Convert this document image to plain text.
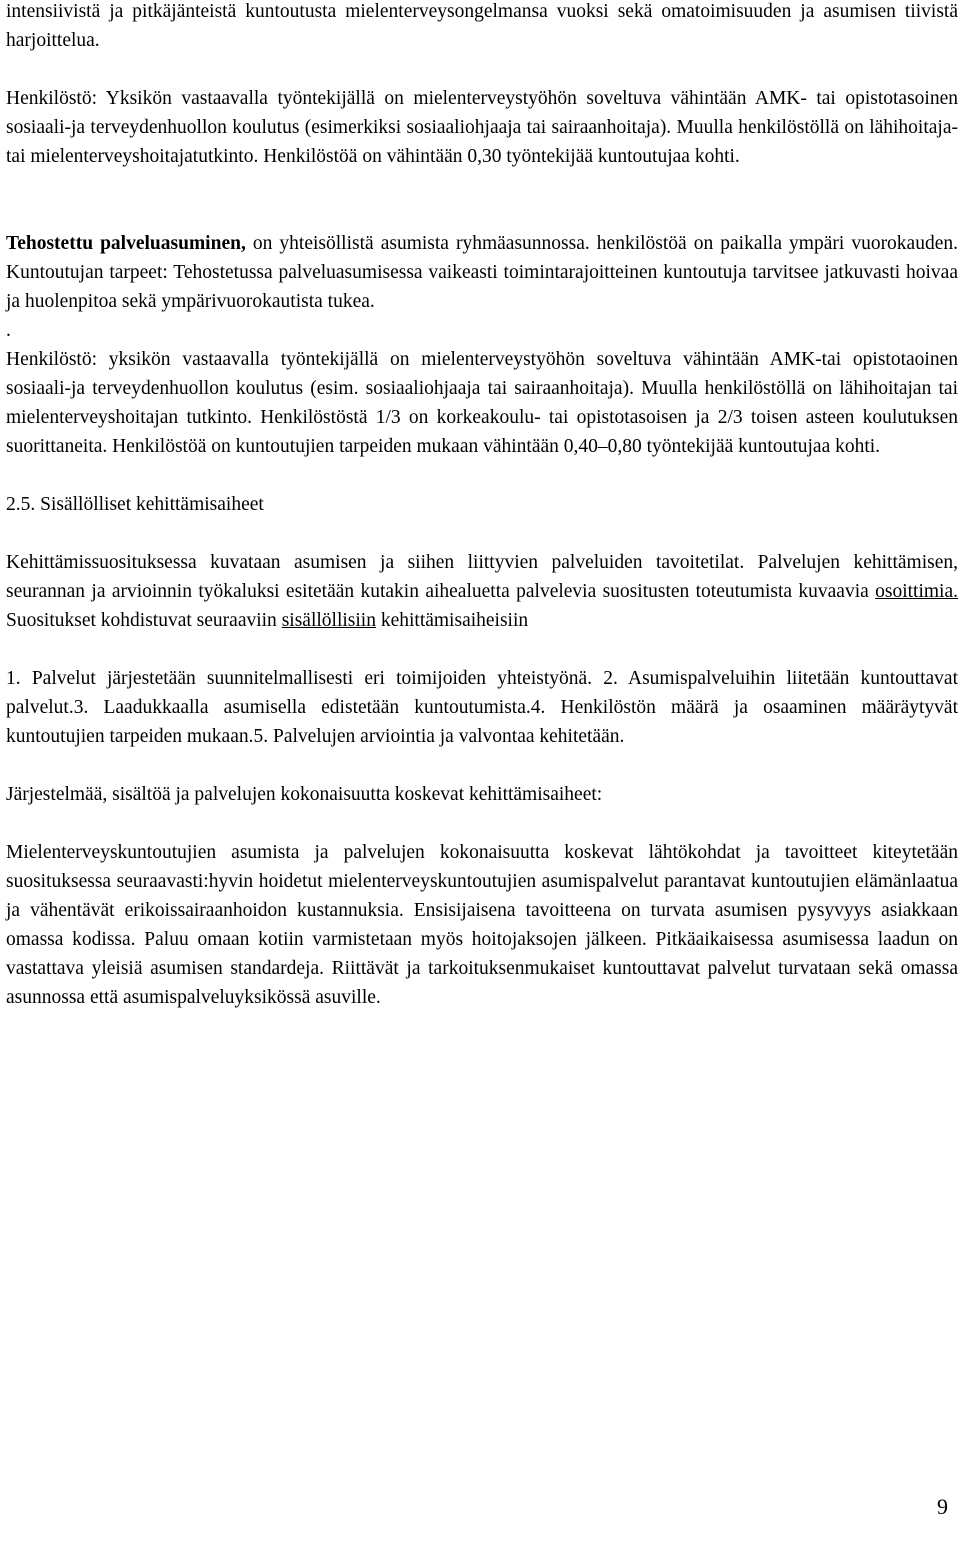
intensiivistä ja pitkäjänteistä kuntoutusta mielenterveysongelmansa vuoksi sekä omatoimisuuden ja asumisen tiivistä harjoittelua.

Henkilöstö: Yksikön vastaavalla työntekijällä on mielenterveystyöhön soveltuva vähintään AMK- tai opistotasoinen sosiaali-ja terveydenhuollon koulutus (esimerkiksi sosiaaliohjaaja tai sairaanhoitaja). Muulla henkilöstöllä on lähihoitaja-tai mielenterveyshoitajatutkinto. Henkilöstöä on vähintään 0,30 työntekijää kuntoutujaa kohti.

Tehostettu palveluasuminen, on yhteisöllistä asumista ryhmäasunnossa. henkilöstöä on paikalla ympäri vuorokauden. Kuntoutujan tarpeet: Tehostetussa palveluasumisessa vaikeasti toimintarajoitteinen kuntoutuja tarvitsee jatkuvasti hoivaa ja huolenpitoa sekä ympärivuorokautista tukea.

.

Henkilöstö: yksikön vastaavalla työntekijällä on mielenterveystyöhön soveltuva vähintään AMK-tai opistotaoinen sosiaali-ja terveydenhuollon koulutus (esim. sosiaaliohjaaja tai sairaanhoitaja). Muulla henkilöstöllä on lähihoitajan tai mielenterveyshoitajan tutkinto. Henkilöstöstä 1/3 on korkeakoulu- tai opistotasoisen ja 2/3 toisen asteen koulutuksen suorittaneita. Henkilöstöä on kuntoutujien tarpeiden mukaan vähintään 0,40–0,80 työntekijää kuntoutujaa kohti.

2.5. Sisällölliset kehittämisaiheet

Kehittämissuosituksessa kuvataan asumisen ja siihen liittyvien palveluiden tavoitetilat. Palvelujen kehittämisen, seurannan ja arvioinnin työkaluksi esitetään kutakin aihealuetta palvelevia suositusten toteutumista kuvaavia osoittimia. Suositukset kohdistuvat seuraaviin sisällöllisiin kehittämisaiheisiin

1. Palvelut järjestetään suunnitelmallisesti eri toimijoiden yhteistyönä. 2. Asumispalveluihin liitetään kuntouttavat palvelut.3. Laadukkaalla asumisella edistetään kuntoutumista.4. Henkilöstön määrä ja osaaminen määräytyvät kuntoutujien tarpeiden mukaan.5. Palvelujen arviointia ja valvontaa kehitetään.

Järjestelmää, sisältöä ja palvelujen kokonaisuutta koskevat kehittämisaiheet:

Mielenterveyskuntoutujien asumista ja palvelujen kokonaisuutta koskevat lähtökohdat ja tavoitteet kiteytetään suosituksessa seuraavasti:hyvin hoidetut mielenterveyskuntoutujien asumispalvelut parantavat kuntoutujien elämänlaatua ja vähentävät erikoissairaanhoidon kustannuksia. Ensisijaisena tavoitteena on turvata asumisen pysyvyys asiakkaan omassa kodissa. Paluu omaan kotiin varmistetaan myös hoitojaksojen jälkeen. Pitkäaikaisessa asumisessa laadun on vastattava yleisiä asumisen standardeja. Riittävät ja tarkoituksenmukaiset kuntouttavat palvelut turvataan sekä omassa asunnossa että asumispalveluyksikössä asuville.

9
